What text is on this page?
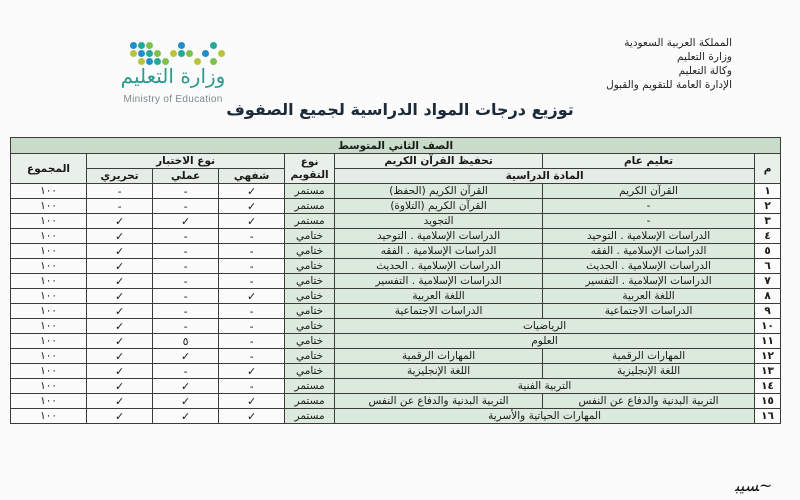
وزارة التعليم
Ministry of Education
المملكة العربية السعودية
وزارة التعليم
وكالة التعليم
الإدارة العامة للتقويم والقبول
توزيع درجات المواد الدراسية لجميع الصفوف
الصف الثاني المتوسط							
م	تعليم عام	تحفيظ القرآن الكريم	نوع
التقويم	نوع الاختبار			المجموع
	المادة الدراسية			شفهي	عملي	تحريري	
١	القرآن الكريم	القرآن الكريم (الحفظ)	مستمر	✓	-	-	١٠٠
٢	-	القرآن الكريم (التلاوة)	مستمر	✓	-	-	١٠٠
٣	-	التجويد	مستمر	✓	✓	✓	١٠٠
٤	الدراسات الإسلامية . التوحيد	الدراسات الإسلامية . التوحيد	ختامي	-	-	✓	١٠٠
٥	الدراسات الإسلامية . الفقه	الدراسات الإسلامية . الفقه	ختامي	-	-	✓	١٠٠
٦	الدراسات الإسلامية . الحديث	الدراسات الإسلامية . الحديث	ختامي	-	-	✓	١٠٠
٧	الدراسات الإسلامية . التفسير	الدراسات الإسلامية . التفسير	ختامي	-	-	✓	١٠٠
٨	اللغة العربية	اللغة العربية	ختامي	✓	-	✓	١٠٠
٩	الدراسات الاجتماعية	الدراسات الاجتماعية	ختامي	-	-	✓	١٠٠
١٠	الرياضيات		ختامي	-	-	✓	١٠٠
١١	العلوم		ختامي	-	٥	✓	١٠٠
١٢	المهارات الرقمية	المهارات الرقمية	ختامي	-	✓	✓	١٠٠
١٣	اللغة الإنجليزية	اللغة الإنجليزية	ختامي	✓	-	✓	١٠٠
١٤	التربية الفنية		مستمر	-	✓	✓	١٠٠
١٥	التربية البدنية والدفاع عن النفس	التربية البدنية والدفاع عن النفس	مستمر	✓	✓	✓	١٠٠
١٦	المهارات الحياتية والأسرية		مستمر	✓	✓	✓	١٠٠
ﺴﯿﺒ~
